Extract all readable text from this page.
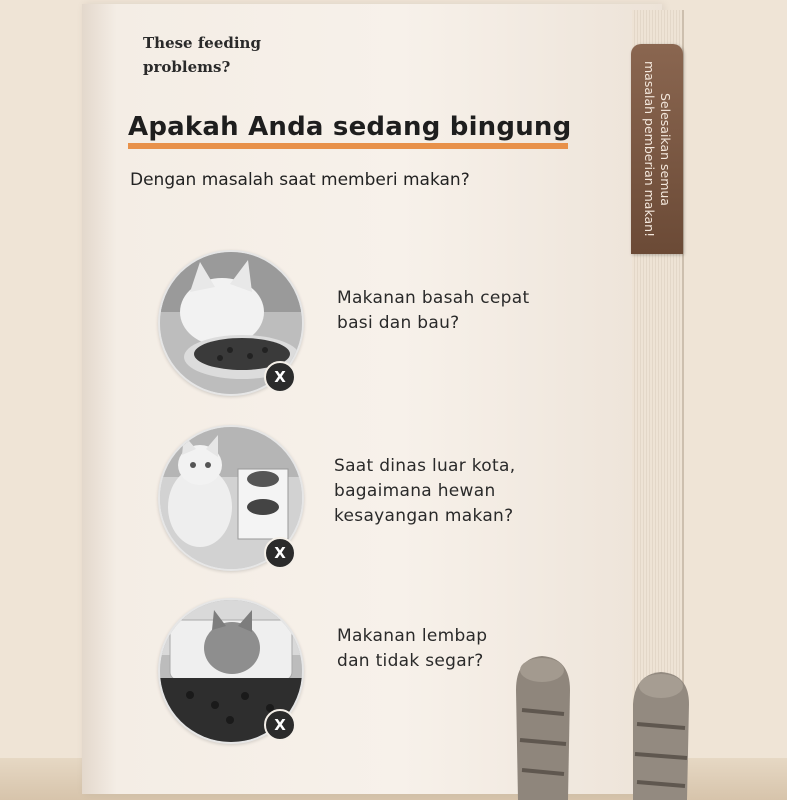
These feeding
problems?
Apakah Anda sedang bingung
Dengan masalah saat memberi makan?	Selesaikan semua
masalah pemberian makan!
X
Makanan basah cepat
basi dan bau?
X
Saat dinas luar kota,
bagaimana hewan
kesayangan makan?
X
Makanan lembap
dan tidak segar?
